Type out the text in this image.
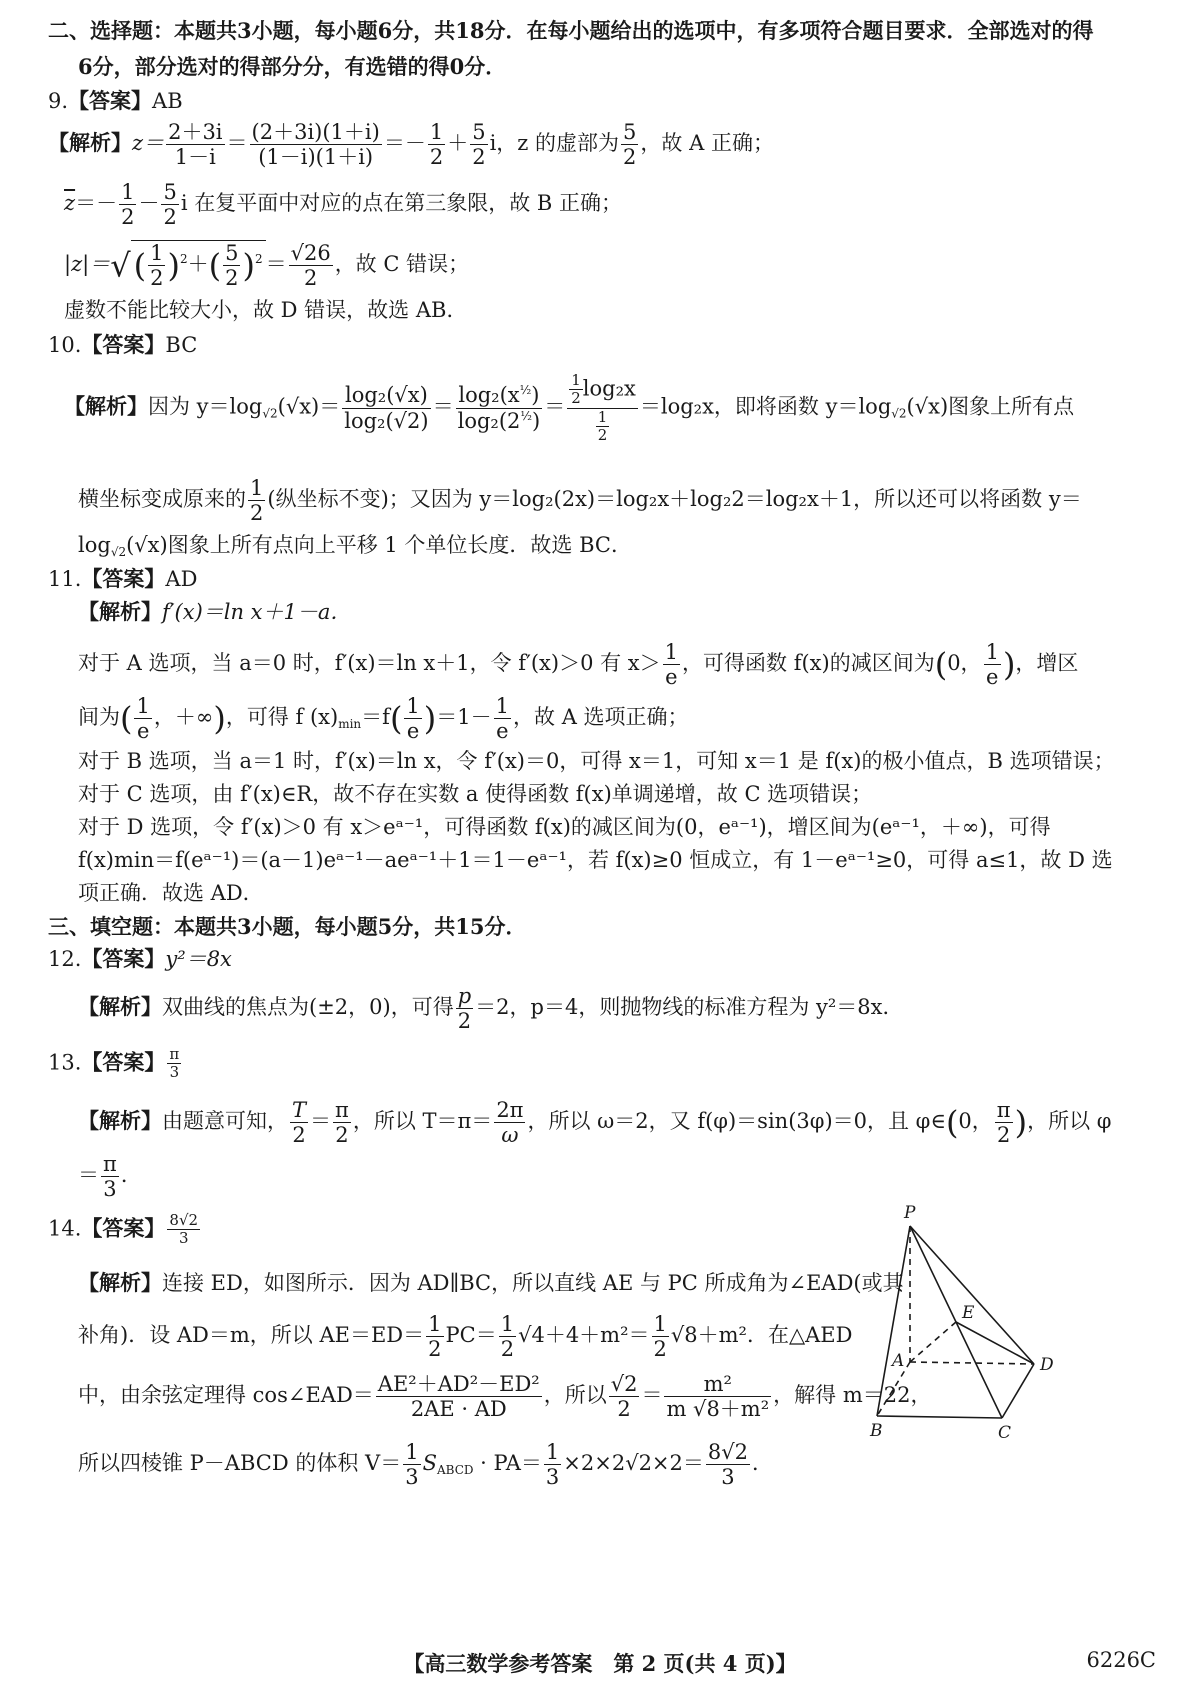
二、选择题：本题共3小题，每小题6分，共18分．在每小题给出的选项中，有多项符合题目要求．全部选对的得
6分，部分选对的得部分分，有选错的得0分．
9.【答案】AB
【解析】$z= \frac{2+3i}{1-i} = \frac{(2+3i)(1+i)}{(1-i)(1+i)} =- \frac{1}{2} + \frac{5}{2}$ i，z 的虚部为 $\frac{5}{2}$ ，故 A 正确；
$\overline{z}=- \frac{1}{2} - \frac{5}{2}$ i 在复平面中对应的点在第三象限，故 B 正确；
$|z|=√( \frac{1}{2} )^2+( \frac{5}{2} )^2 = \frac{√26}{2}$ ，故 C 错误；
虚数不能比较大小，故 D 错误，故选 AB．
10.【答案】BC
【解析】因为 $y=\log_{√2}(√x)= \frac{\text{log₂(√x)}}{\text{log₂(√2)}} = \frac{\log_2(x^{\frac{1}{2}})}{\log_2(2^{\frac{1}{2}})} = \frac{\frac{1}{2} \log_2x}{\frac{1}{2}} =\log_2x$，即将函数 $y=\log_{√2}(√x)$图象上所有点
横坐标变成原来的 $\frac{1}{2}$ (纵坐标不变)；又因为 y＝log₂(2x)＝log₂x＋log₂2＝log₂x＋1，所以还可以将函数 y＝
$\log_{√2}(√x)$图象上所有点向上平移 1 个单位长度．故选 BC．
11.【答案】AD
【解析】f′(x)＝ln x＋1－a．
对于 A 选项，当 a＝0 时，f′(x)＝ln x＋1，令 f′(x)＞0 有 $x> \frac{1}{e}$ ，可得函数 f(x)的减区间为(0， $\frac{1}{e}$ )，增区
间为( $\frac{1}{e}$ ，＋∞)，可得 f $(x)_{min}=f( \frac{1}{e} )=1- \frac{1}{e}$ ，故 A 选项正确；
对于 B 选项，当 a＝1 时，f′(x)＝ln x，令 f′(x)＝0，可得 x＝1，可知 x＝1 是 f(x)的极小值点，B 选项错误；
对于 C 选项，由 f′(x)∈R，故不存在实数 a 使得函数 f(x)单调递增，故 C 选项错误；
对于 D 选项，令 f′(x)＞0 有 x＞eᵃ⁻¹，可得函数 f(x)的减区间为(0，eᵃ⁻¹)，增区间为(eᵃ⁻¹，＋∞)，可得
f(x)min＝f(eᵃ⁻¹)＝(a－1)eᵃ⁻¹－aeᵃ⁻¹＋1＝1－eᵃ⁻¹，若 f(x)≥0 恒成立，有 1－eᵃ⁻¹≥0，可得 a≤1，故 D 选
项正确．故选 AD．
三、填空题：本题共3小题，每小题5分，共15分．
12.【答案】y²＝8x
【解析】双曲线的焦点为(±2，0)，可得 $\frac{p}{2} =2$，p＝4，则抛物线的标准方程为 y²＝8x．
13.【答案】 $\frac{\pi}{3}$
【解析】由题意可知， $\frac{T}{2} = \frac{\pi}{2}$ ，所以 $T=\pi= \frac{2\pi}{\omega}$ ，所以 ω＝2，又 f(φ)＝sin(3φ)＝0，且 φ∈(0， $\frac{\pi}{2}$ )，所以 φ
＝ $\frac{\pi}{3}$ ．
14.【答案】 $\frac{8√2}{3}$
【解析】连接 ED，如图所示．因为 AD∥BC，所以直线 AE 与 PC 所成角为∠EAD(或其
补角)．设 AD＝m，所以 $AE=ED= \frac{1}{2} PC= \frac{1}{2} √4+4+m^2= \frac{1}{2} √8+m^2$．在△AED
中，由余弦定理得 cos∠EAD＝ $\frac{\text{AE²＋AD²－ED²}}{2AE \cdot AD}$ ，所以 $\frac{√2}{2} = \frac{\text{m²}}{\text{m √8＋m²}}$ ，解得 m＝22，
所以四棱锥 P－ABCD 的体积 $V= \frac{1}{3} S_{ABCD} \cdot PA= \frac{1}{3} \times 2\times 2√2\times 2= \frac{8√2}{3}$ ．
P
A
B	C
D
E
【高三数学参考答案　第 2 页(共 4 页)】	6226C
